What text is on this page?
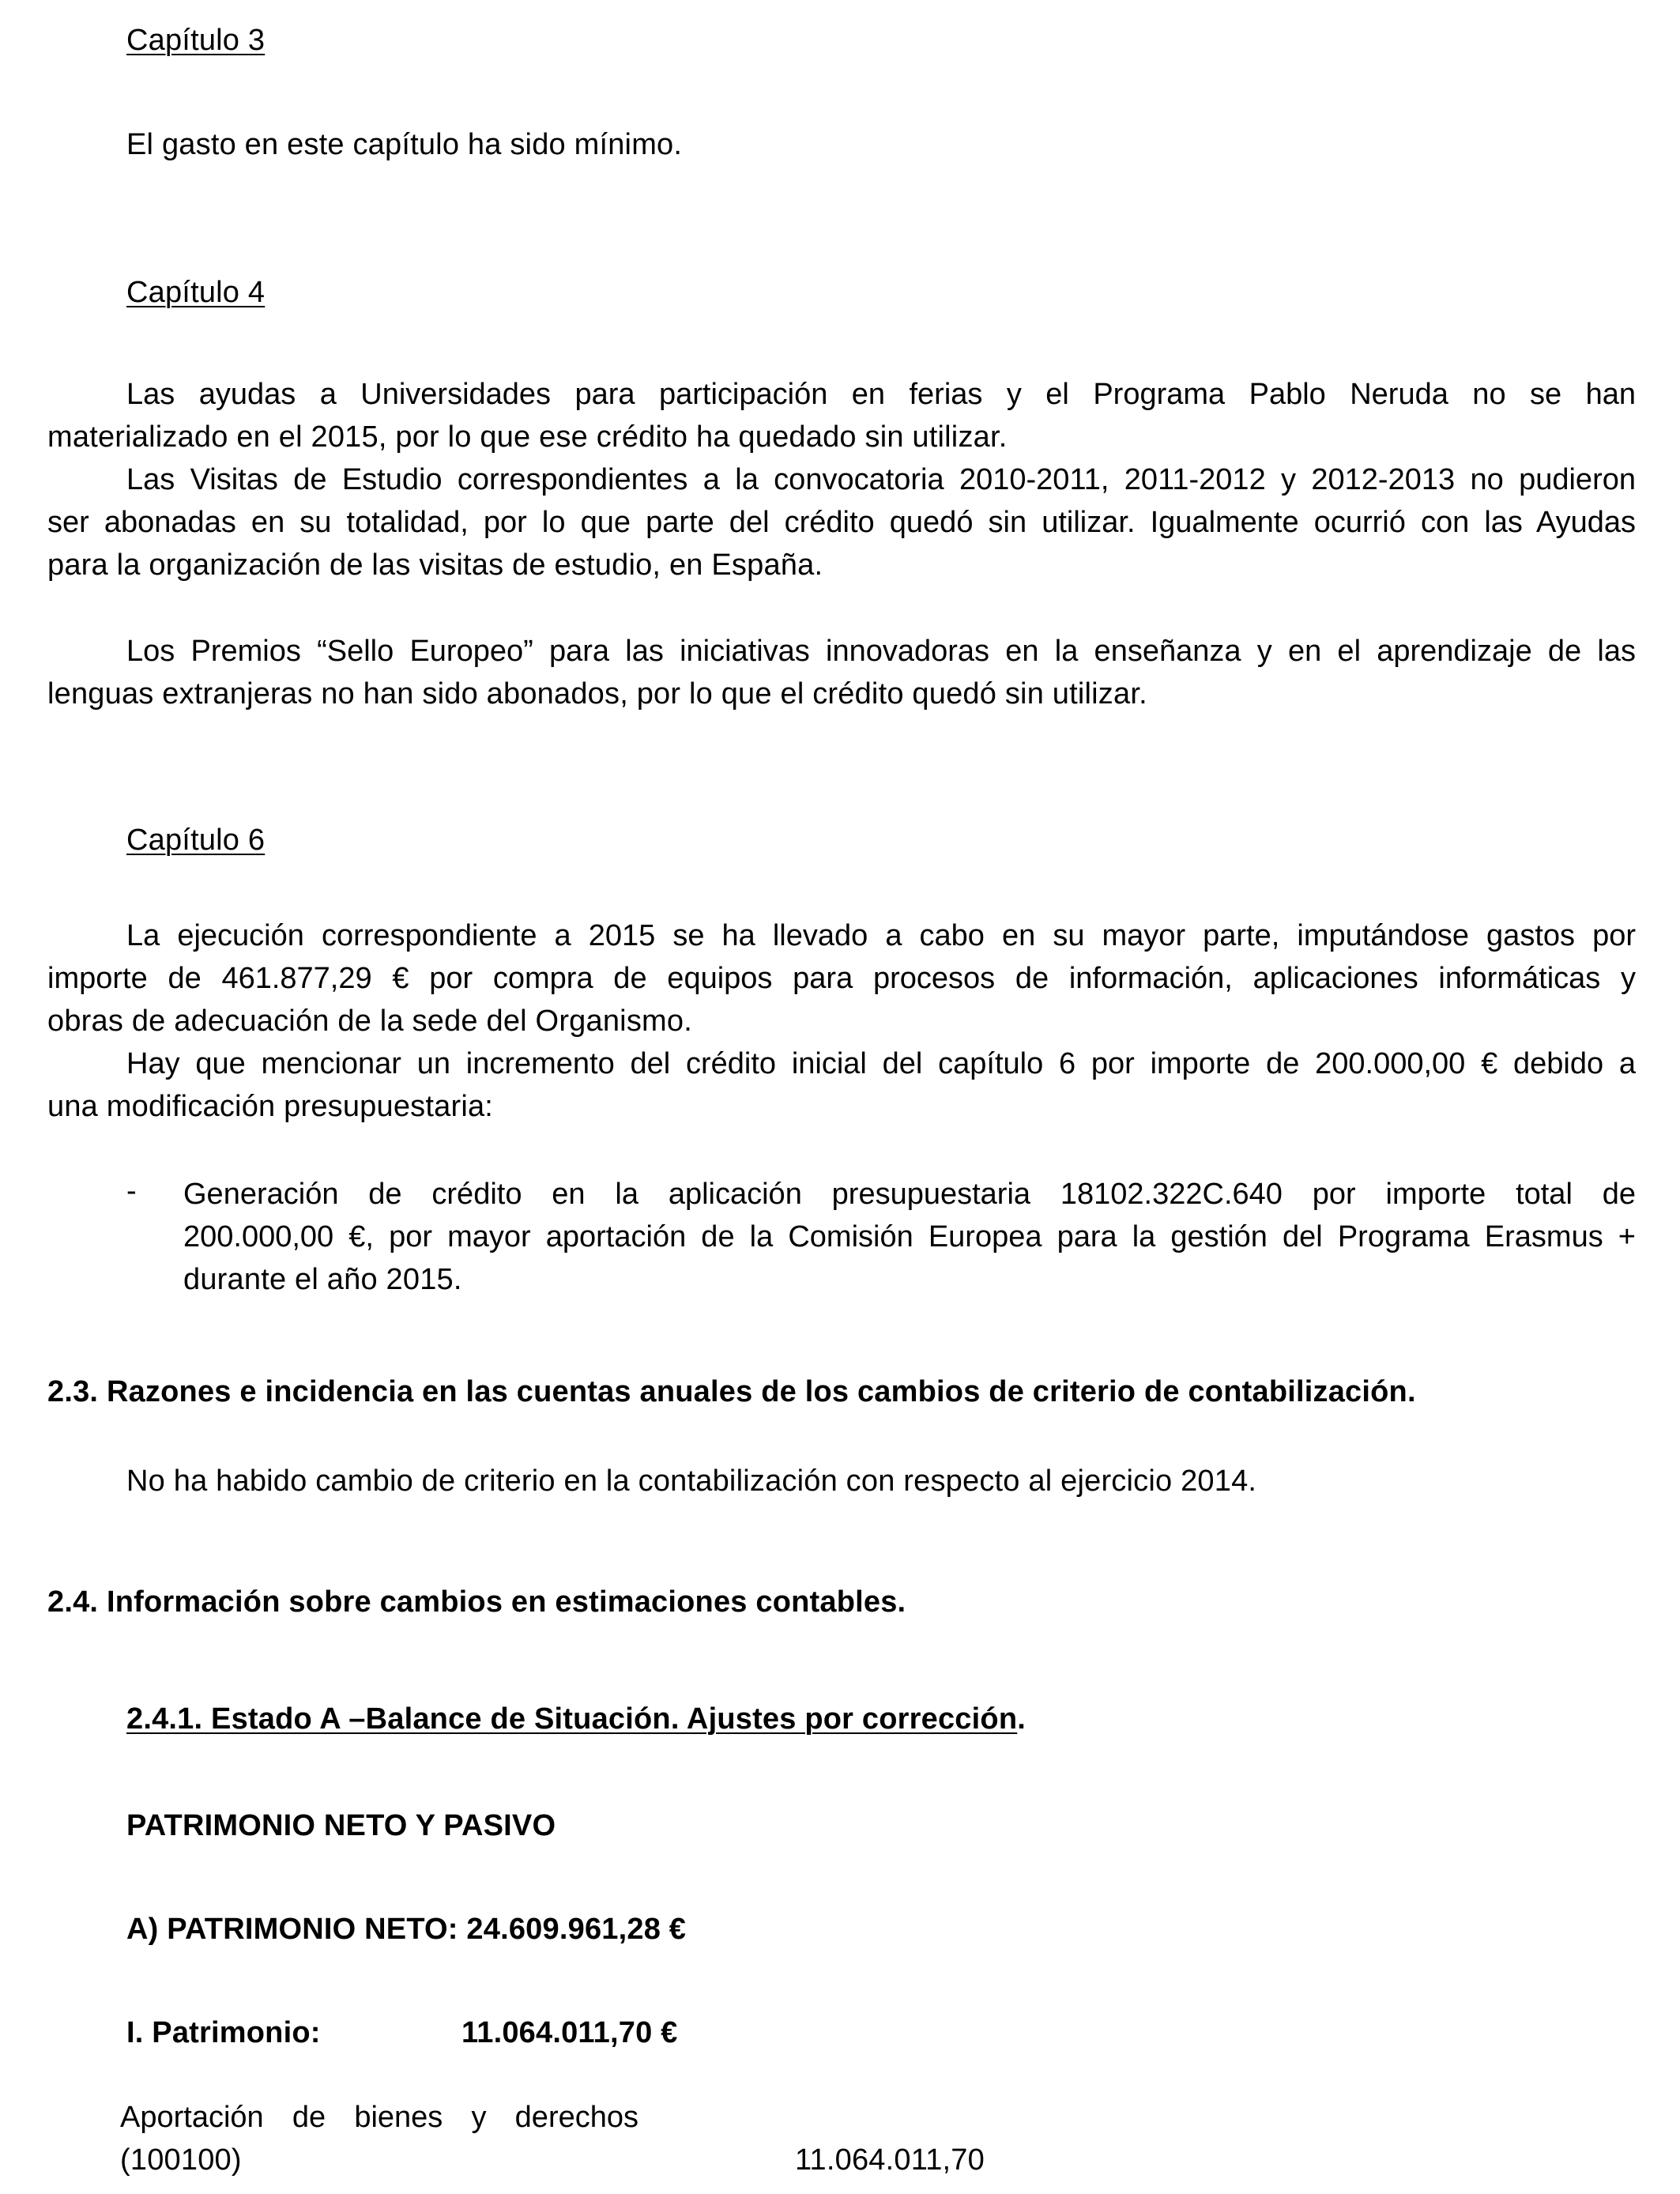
Capítulo 3
El gasto en este capítulo ha sido mínimo.
Capítulo 4
Las ayudas a Universidades para participación en ferias y el Programa Pablo Neruda no se han
materializado en el 2015, por lo que ese crédito ha quedado sin utilizar.
Las Visitas de Estudio correspondientes a la convocatoria 2010-2011, 2011-2012 y 2012-2013 no pudieron
ser abonadas en su totalidad, por lo que parte del crédito quedó sin utilizar. Igualmente ocurrió con las Ayudas
para la organización de las visitas de estudio, en España.
Los Premios “Sello Europeo” para las iniciativas innovadoras en la enseñanza y en el aprendizaje de las
lenguas extranjeras no han sido abonados, por lo que el crédito quedó sin utilizar.
Capítulo 6
La ejecución correspondiente a 2015 se ha llevado a cabo en su mayor parte, imputándose gastos por
importe de 461.877,29 € por compra de equipos para procesos de información, aplicaciones informáticas y
obras de adecuación de la sede del Organismo.
Hay que mencionar un incremento del crédito inicial del capítulo 6 por importe de 200.000,00 € debido a
una modificación presupuestaria:
- Generación de crédito en la aplicación presupuestaria 18102.322C.640 por importe total de
200.000,00 €, por mayor aportación de la Comisión Europea para la gestión del Programa Erasmus +
durante el año 2015.
2.3. Razones e incidencia en las cuentas anuales de los cambios de criterio de contabilización.
No ha habido cambio de criterio en la contabilización con respecto al ejercicio 2014.
2.4. Información sobre cambios en estimaciones contables.
2.4.1. Estado A –Balance de Situación. Ajustes por corrección.
PATRIMONIO NETO Y PASIVO
A) PATRIMONIO NETO: 24.609.961,28 €
I. Patrimonio:	11.064.011,70 €
Aportación de bienes y derechos
(100100)	11.064.011,70
